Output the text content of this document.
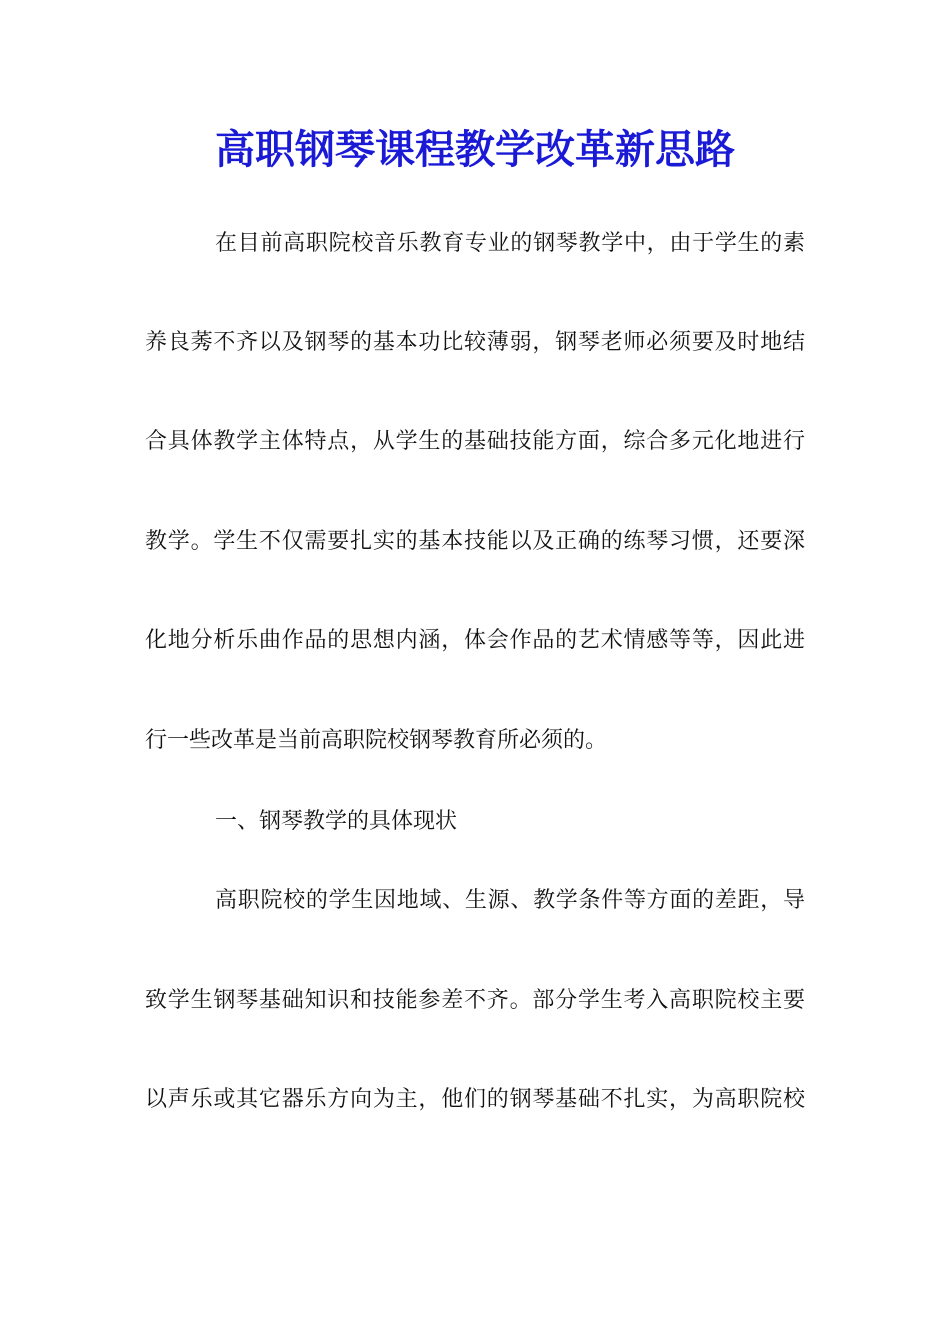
高职钢琴课程教学改革新思路

在目前高职院校音乐教育专业的钢琴教学中，由于学生的素

养良莠不齐以及钢琴的基本功比较薄弱，钢琴老师必须要及时地结

合具体教学主体特点，从学生的基础技能方面，综合多元化地进行

教学。学生不仅需要扎实的基本技能以及正确的练琴习惯，还要深

化地分析乐曲作品的思想内涵，体会作品的艺术情感等等，因此进

行一些改革是当前高职院校钢琴教育所必须的。

一、钢琴教学的具体现状

高职院校的学生因地域、生源、教学条件等方面的差距，导

致学生钢琴基础知识和技能参差不齐。部分学生考入高职院校主要

以声乐或其它器乐方向为主，他们的钢琴基础不扎实，为高职院校
